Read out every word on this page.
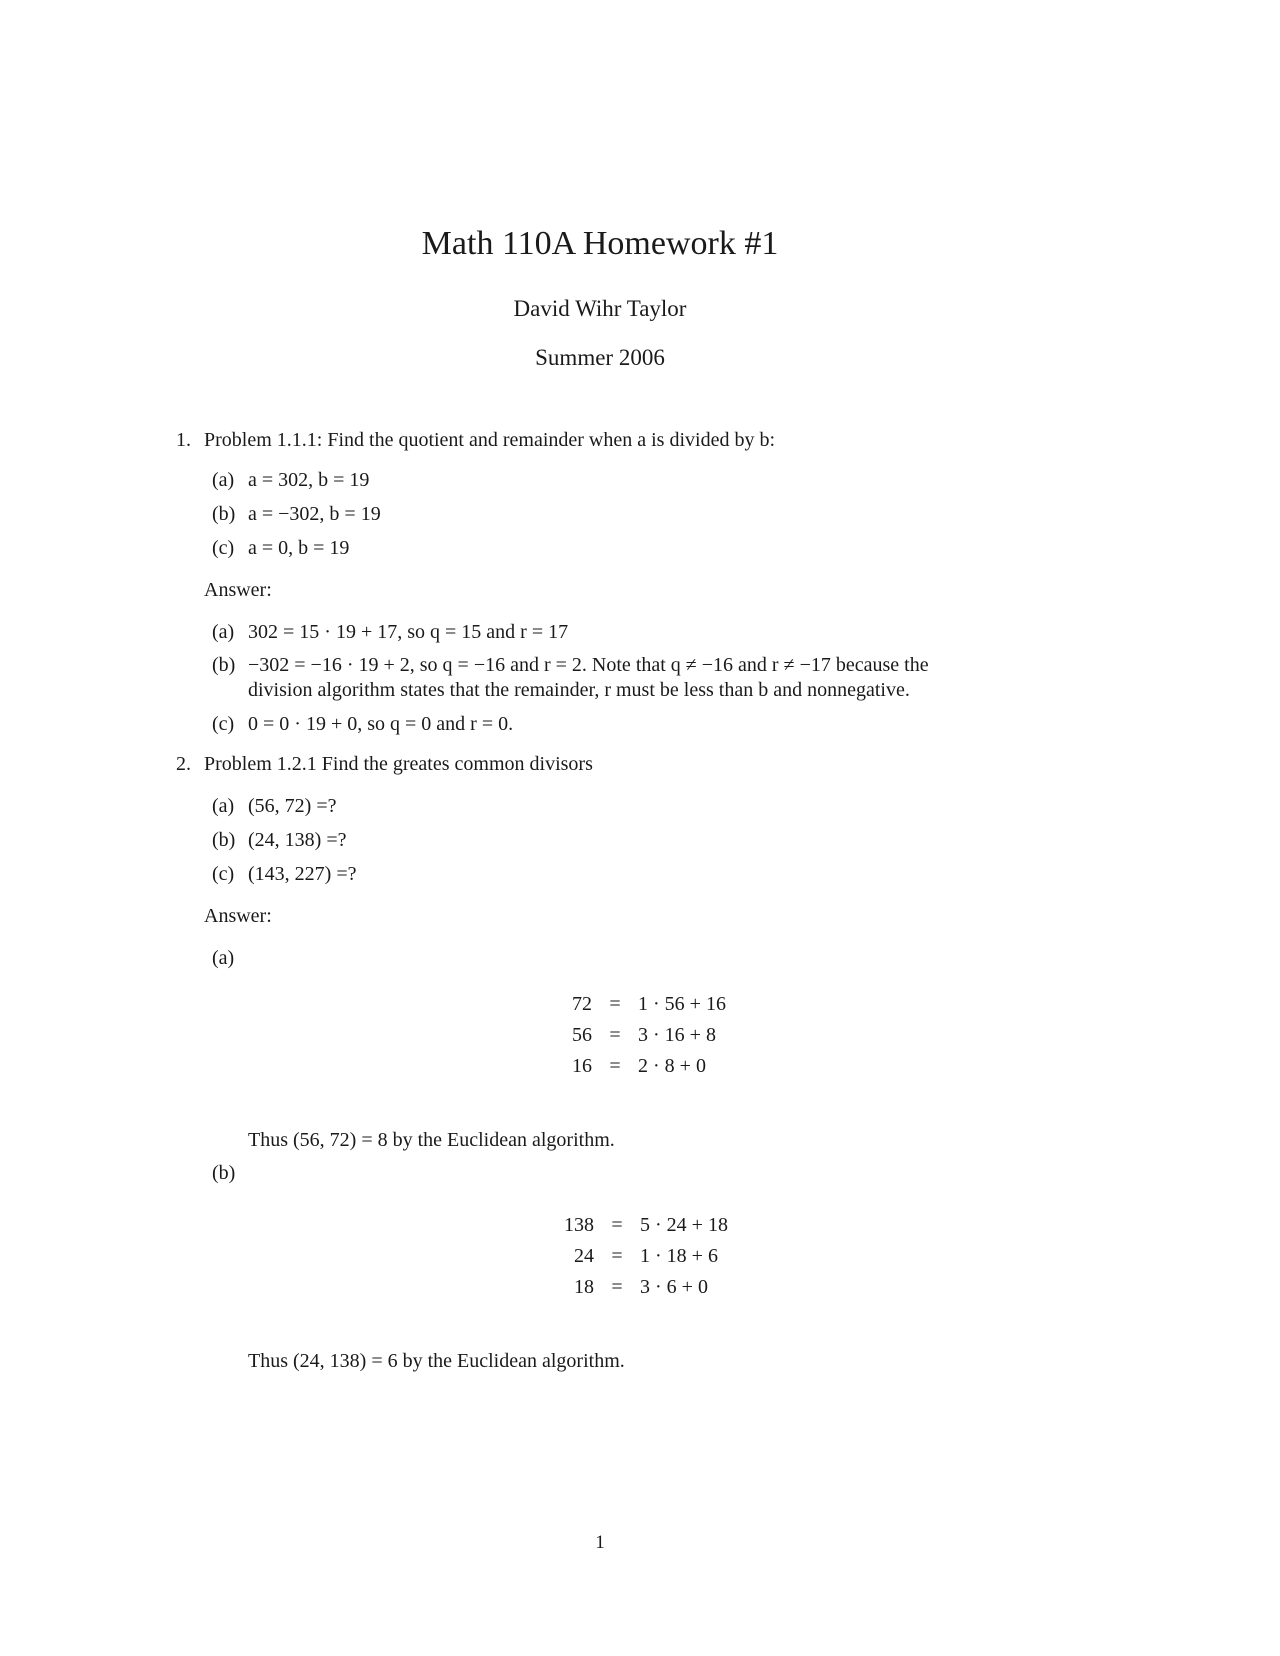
Math 110A Homework #1
David Wihr Taylor
Summer 2006
1. Problem 1.1.1: Find the quotient and remainder when a is divided by b:
(a) a = 302, b = 19
(b) a = −302, b = 19
(c) a = 0, b = 19
Answer:
(a) 302 = 15 · 19 + 17, so q = 15 and r = 17
(b) −302 = −16 · 19 + 2, so q = −16 and r = 2. Note that q ≠ −16 and r ≠ −17 because the
division algorithm states that the remainder, r must be less than b and nonnegative.
(c) 0 = 0 · 19 + 0, so q = 0 and r = 0.
2. Problem 1.2.1 Find the greates common divisors
(a) (56, 72) =?
(b) (24, 138) =?
(c) (143, 227) =?
Answer:
(a)
72	=	1 · 56 + 16
56	=	3 · 16 + 8
16	=	2 · 8 + 0
Thus (56, 72) = 8 by the Euclidean algorithm.
(b)
138	=	5 · 24 + 18
24	=	1 · 18 + 6
18	=	3 · 6 + 0
Thus (24, 138) = 6 by the Euclidean algorithm.
1
